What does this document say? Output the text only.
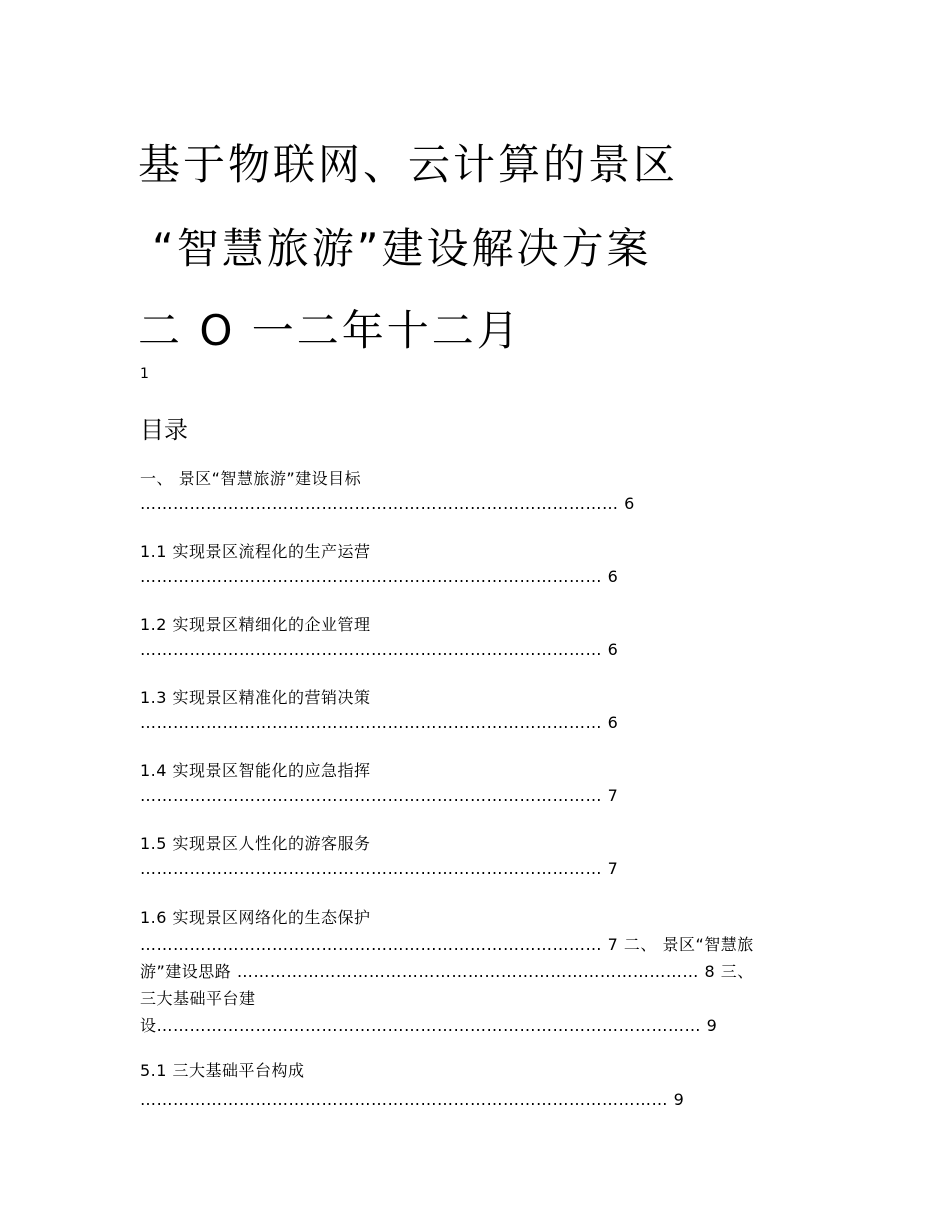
基于物联网、云计算的景区
“智慧旅游”建设解决方案
二 O 一二年十二月
1
目录
一、 景区“智慧旅游”建设目标
…………………………………………………………………………… 6
1.1 实现景区流程化的生产运营
………………………………………………………………………… 6
1.2 实现景区精细化的企业管理
………………………………………………………………………… 6
1.3 实现景区精准化的营销决策
………………………………………………………………………… 6
1.4 实现景区智能化的应急指挥
………………………………………………………………………… 7
1.5 实现景区人性化的游客服务
………………………………………………………………………… 7
1.6 实现景区网络化的生态保护
………………………………………………………………………… 7 二、 景区“智慧旅
游”建设思路 ………………………………………………………………………… 8 三、
三大基础平台建
设……………………………………………………………………………………… 9
5.1 三大基础平台构成
…………………………………………………………………………………… 9
